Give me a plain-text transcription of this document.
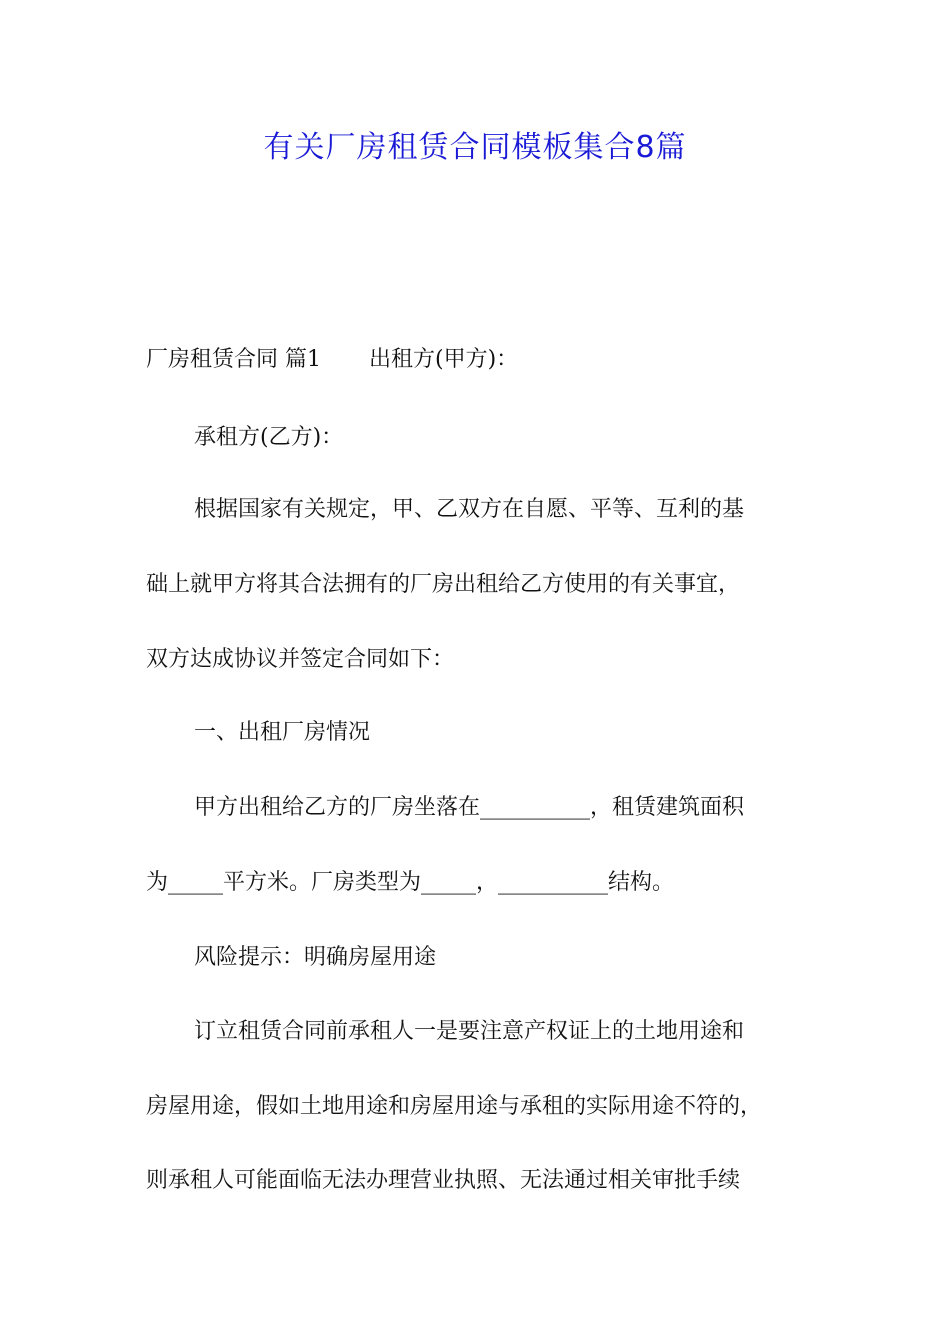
有关厂房租赁合同模板集合8篇
厂房租赁合同 篇1 出租方(甲方)：
承租方(乙方)：
根据国家有关规定，甲、乙双方在自愿、平等、互利的基
础上就甲方将其合法拥有的厂房出租给乙方使用的有关事宜，
双方达成协议并签定合同如下：
一、出租厂房情况
甲方出租给乙方的厂房坐落在__________，租赁建筑面积
为_____平方米。厂房类型为_____，__________结构。
风险提示：明确房屋用途
订立租赁合同前承租人一是要注意产权证上的土地用途和
房屋用途，假如土地用途和房屋用途与承租的实际用途不符的，
则承租人可能面临无法办理营业执照、无法通过相关审批手续
